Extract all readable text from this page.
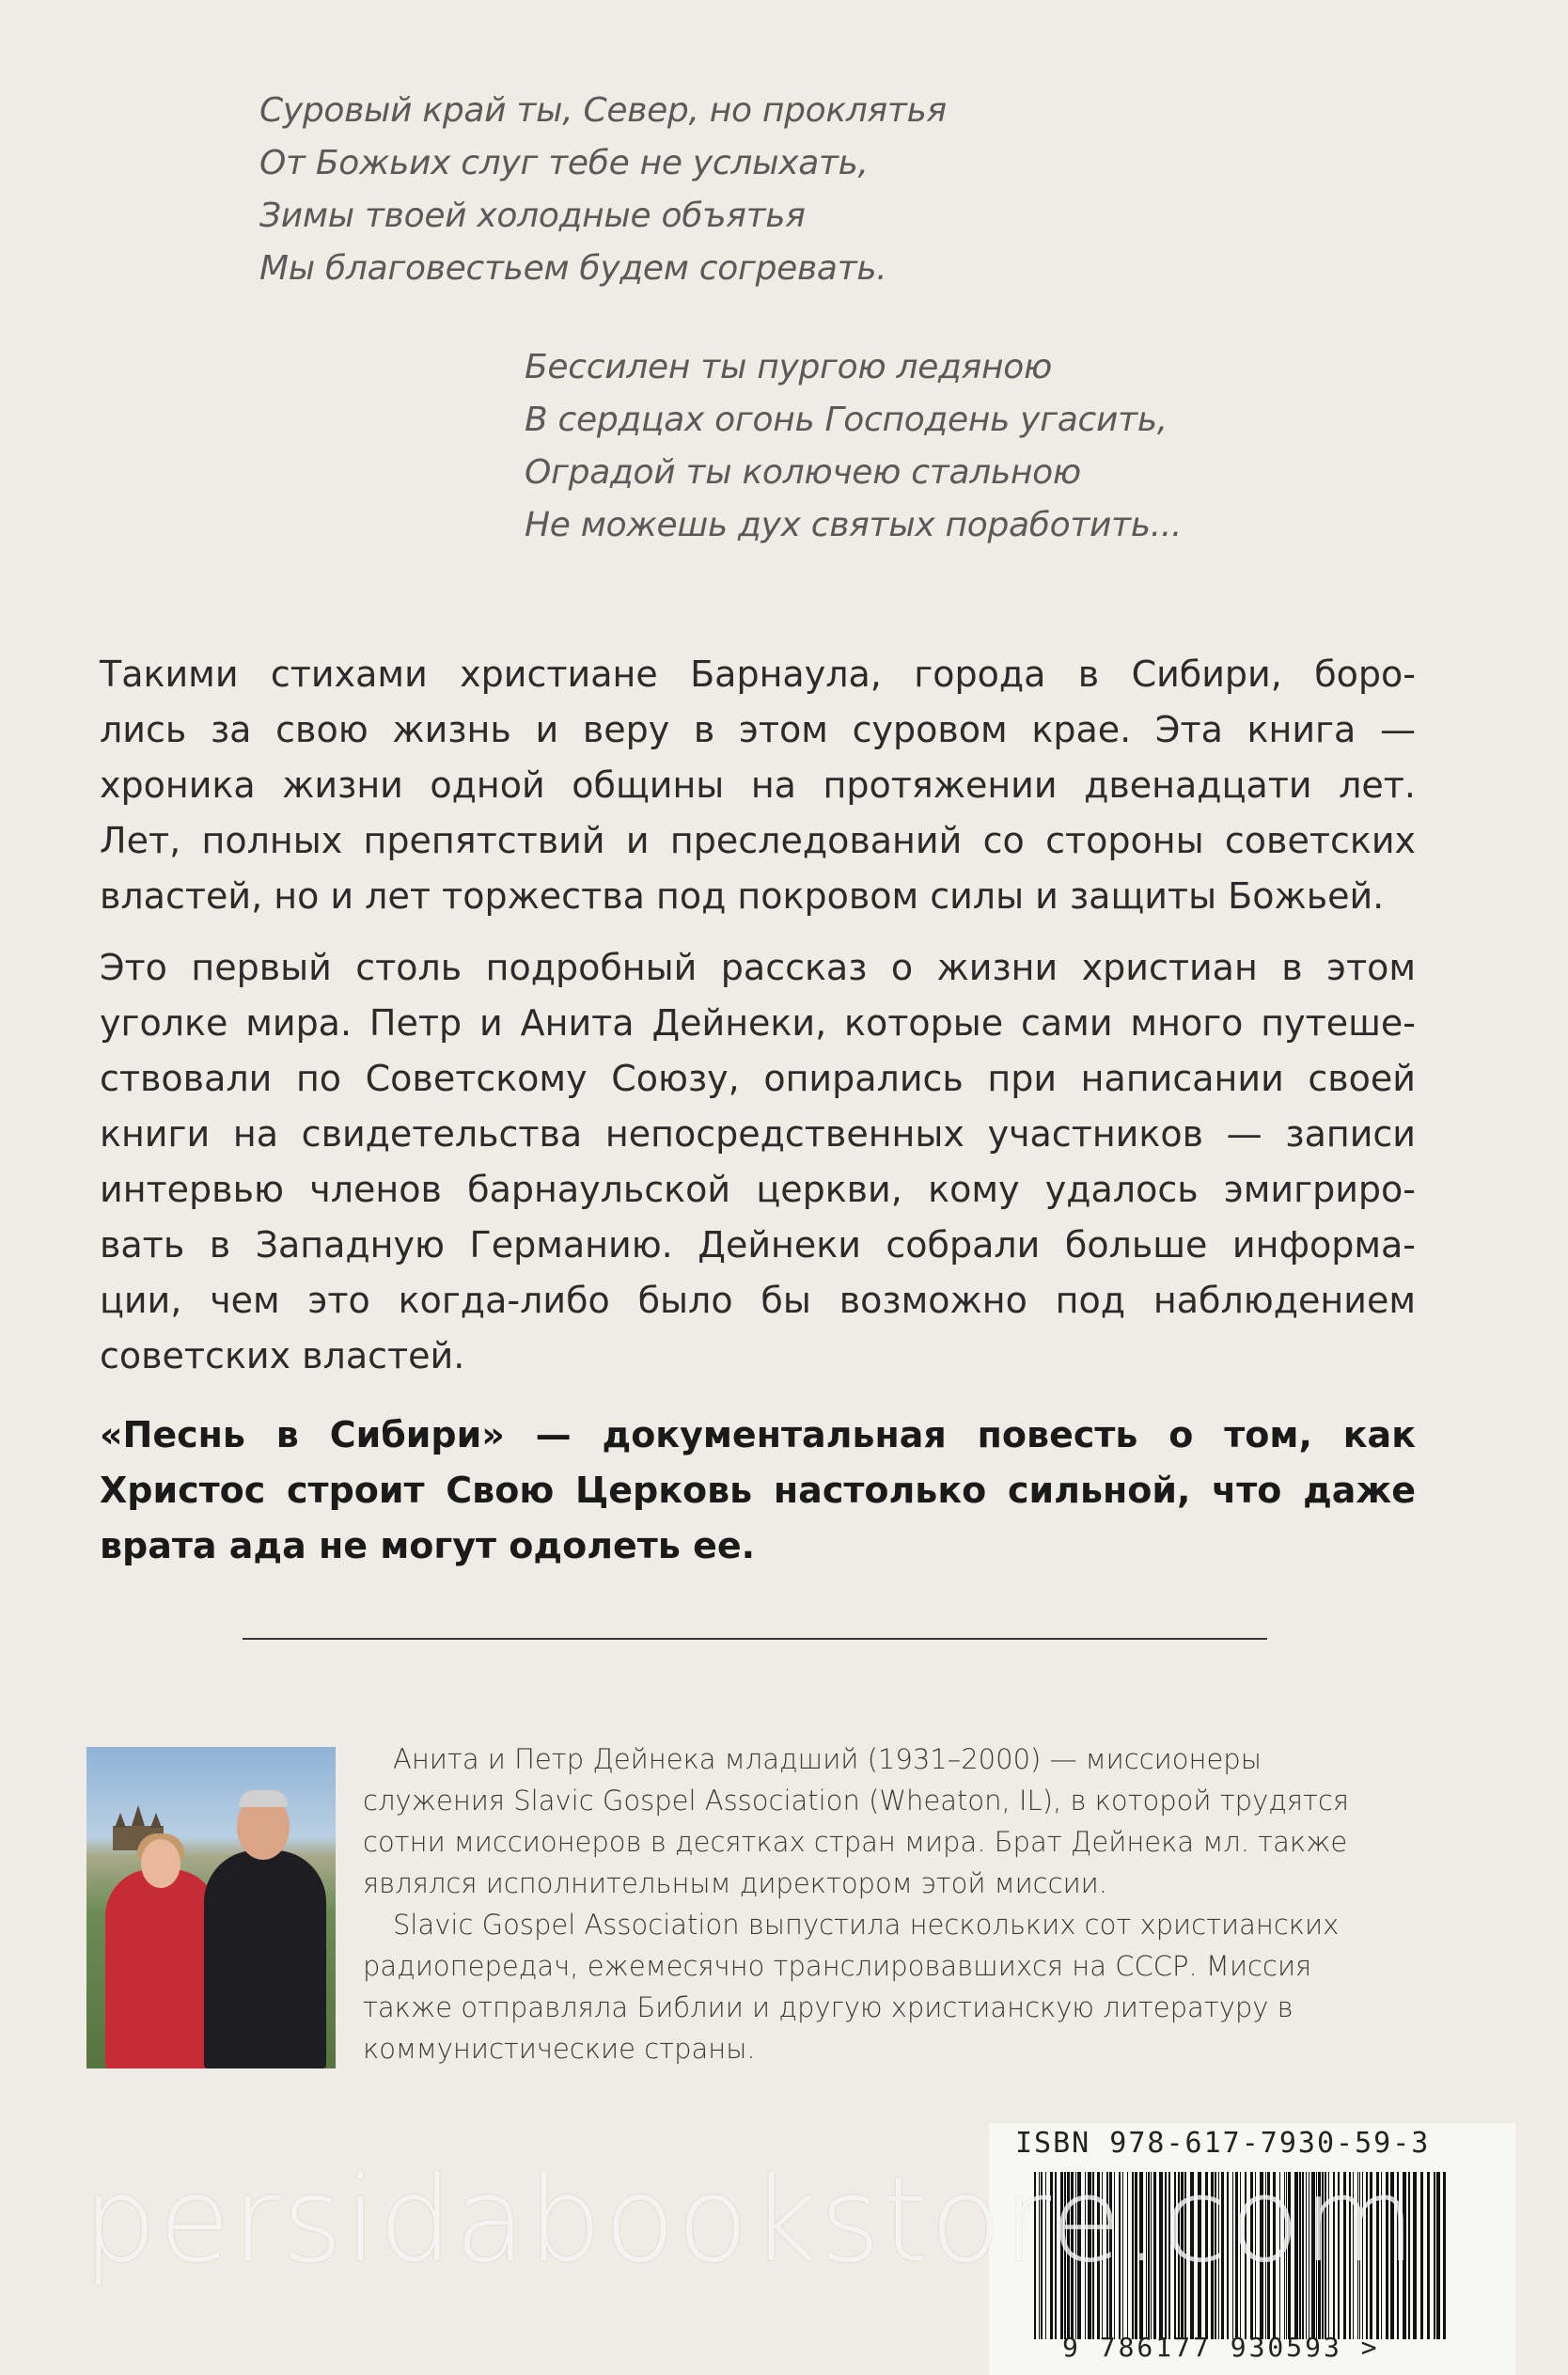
Суровый край ты, Север, но проклятья
От Божьих слуг тебе не услыхать,
Зимы твоей холодные объятья
Мы благовестьем будем согревать.
Бессилен ты пургою ледяною
В сердцах огонь Господень угасить,
Оградой ты колючею стальною
Не можешь дух святых поработить...
Такими стихами христиане Барнаула, города в Сибири, боро-
лись за свою жизнь и веру в этом суровом крае. Эта книга —
хроника жизни одной общины на протяжении двенадцати лет.
Лет, полных препятствий и преследований со стороны советских
властей, но и лет торжества под покровом силы и защиты Божьей.
Это первый столь подробный рассказ о жизни христиан в этом
уголке мира. Петр и Анита Дейнеки, которые сами много путеше-
ствовали по Советскому Союзу, опирались при написании своей
книги на свидетельства непосредственных участников — записи
интервью членов барнаульской церкви, кому удалось эмигриро-
вать в Западную Германию. Дейнеки собрали больше информа-
ции, чем это когда-либо было бы возможно под наблюдением
советских властей.
«Песнь в Сибири» — документальная повесть о том, как
Христос строит Свою Церковь настолько сильной, что даже
врата ада не могут одолеть ее.
Анита и Петр Дейнека младший (1931–2000) — миссионеры
служения Slavic Gospel Association (Wheaton, IL), в которой трудятся
сотни миссионеров в десятках стран мира. Брат Дейнека мл. также
являлся исполнительным директором этой миссии.
Slavic Gospel Association выпустила нескольких сот христианских
радиопередач, ежемесячно транслировавшихся на СССР. Миссия
также отправляла Библии и другую христианскую литературу в
коммунистические страны.
ISBN 978-617-7930-59-3
9 786177 930593 >
persidabookstore.com
